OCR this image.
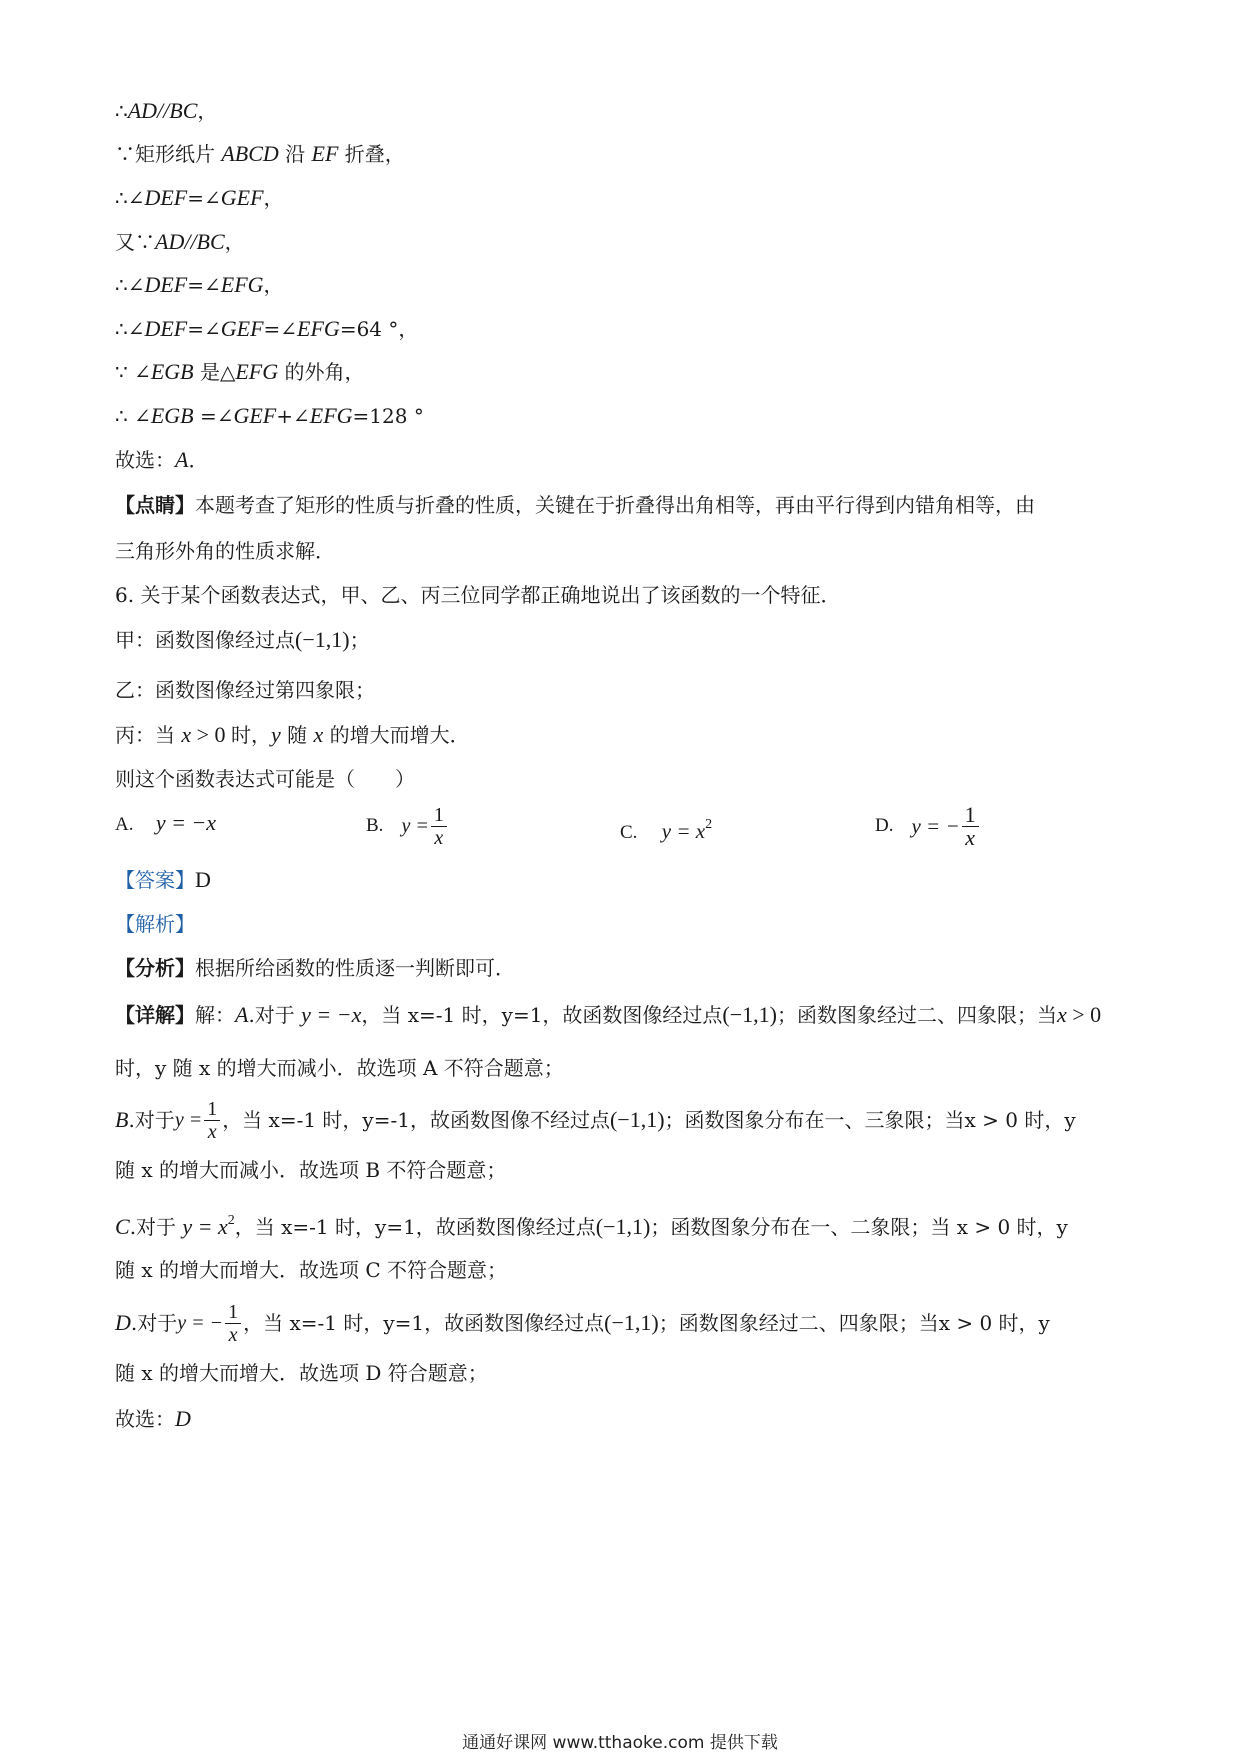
∴AD//BC，
∵矩形纸片 ABCD 沿 EF 折叠，
∴∠DEF=∠GEF，
又∵AD//BC，
∴∠DEF=∠EFG，
∴∠DEF=∠GEF=∠EFG=64 °，
∵ ∠EGB 是△EFG 的外角，
∴ ∠EGB =∠GEF+∠EFG=128 °
故选：A．
【点睛】本题考查了矩形的性质与折叠的性质，关键在于折叠得出角相等，再由平行得到内错角相等，由
三角形外角的性质求解．
6. 关于某个函数表达式，甲、乙、丙三位同学都正确地说出了该函数的一个特征．
甲：函数图像经过点(−1,1)；
乙：函数图像经过第四象限；
丙：当 x > 0 时，y 随 x 的增大而增大．
则这个函数表达式可能是（　　）
A. y = −x	B. $y = \frac{1}{x}$	C. $y = x^2$	D. y = − $\frac{1}{x}$
【答案】D
【解析】
【分析】根据所给函数的性质逐一判断即可．
【详解】解：A.对于 y = −x，当 x=-1 时，y=1，故函数图像经过点(−1,1)；函数图象经过二、四象限；当x > 0
时，y 随 x 的增大而减小．故选项 A 不符合题意；
B .对于 $y = \frac{1}{x}$ ，当 x=-1 时，y=-1，故函数图像不经过点 (−1,1) ；函数图象分布在一、三象限；当 x > 0 时，y
随 x 的增大而减小．故选项 B 不符合题意；
C.对于 $y = x^2$，当 x=-1 时，y=1，故函数图像经过点(−1,1)；函数图象分布在一、二象限；当 x > 0 时，y
随 x 的增大而增大．故选项 C 不符合题意；
D .对于 y = − $\frac{1}{x}$ ，当 x=-1 时，y=1，故函数图像经过点 (−1,1) ；函数图象经过二、四象限；当 x > 0 时，y
随 x 的增大而增大．故选项 D 符合题意；
故选：D
通通好课网 www.tthaoke.com 提供下载
